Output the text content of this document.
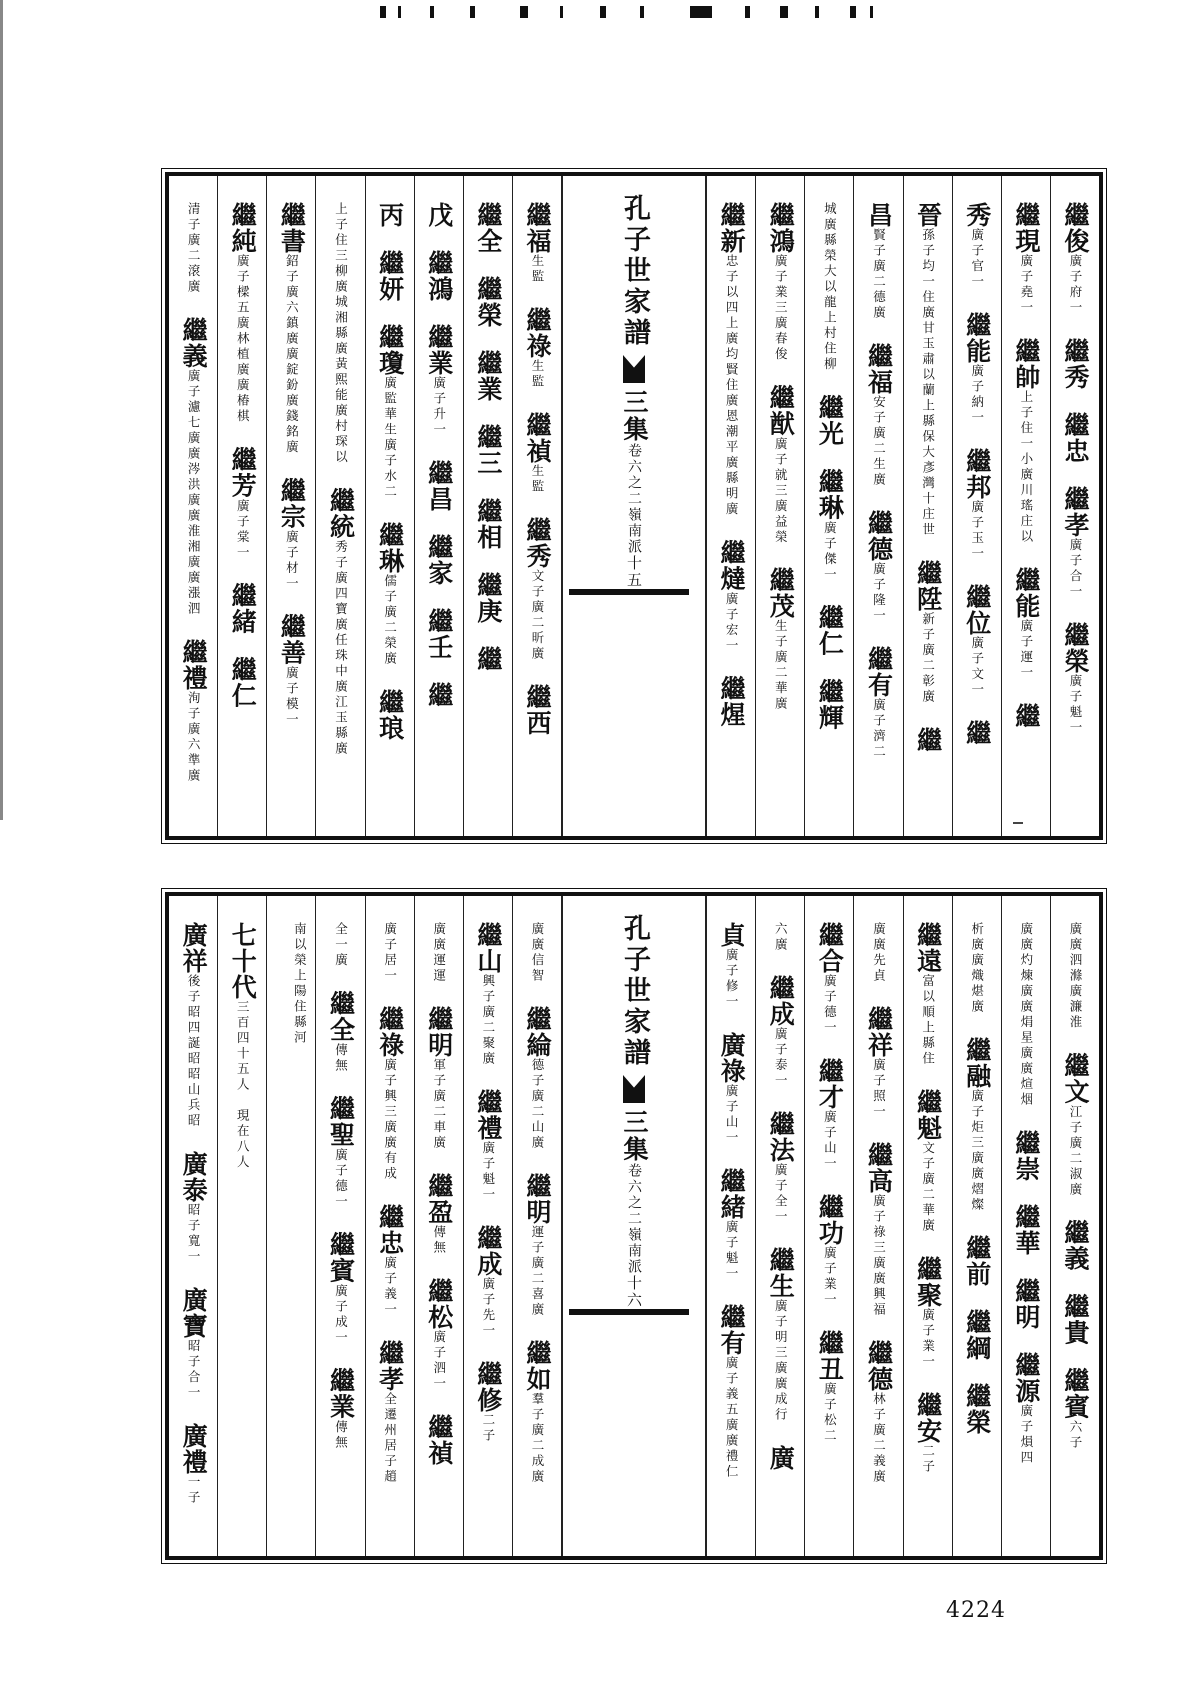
繼俊廣子府一繼秀繼忠繼孝廣子合一繼榮廣子魁一
繼現廣子堯一繼帥上子住一小廣川瑤庄以繼能廣子運一繼
秀廣子官一繼能廣子納一繼邦廣子玉一繼位廣子文一繼
晉孫子均一住廣甘玉肅以蘭上縣保大彥灣十庄世繼陞新子廣二彰廣繼
昌賢子廣二德廣繼福安子廣二生廣繼德廣子隆一繼有廣子濟二
城廣縣榮大以龍上村住柳繼光繼琳廣子傑一繼仁繼輝
繼鴻廣子業三廣春俊繼猷廣子就三廣益榮繼茂生子廣二華廣
繼新忠子以四上廣均賢住廣恩潮平廣縣明廣繼燵廣子宏一繼煋
孔子世家譜三集卷六之二嶺南派十五
繼福生監繼祿生監繼禎生監繼秀文子廣二昕廣繼西
繼全繼榮繼業繼三繼相繼庚繼
戊繼鴻繼業廣子升一繼昌繼家繼壬繼
丙繼妍繼瓊廣監華生廣子水二繼琳儒子廣二榮廣繼琅
上子住三柳廣城湘縣廣黃熙能廣村琛以繼統秀子廣四寶廣任珠中廣江玉縣廣
繼書鉊子廣六鎮廣廣錠鈖廣錢銘廣繼宗廣子材一繼善廣子模一
繼純廣子樑五廣林植廣廣椿棋繼芳廣子棠一繼緒繼仁
清子廣二滾廣繼義廣子濾七廣廣涔洪廣廣淮湘廣廣漲泗繼禮洵子廣六準廣
廣廣泗滌廣濂淮繼文江子廣二淑廣繼義繼貴繼賓六子
廣廣灼煉廣廣焆星廣廣煊烟繼崇繼華繼明繼源廣子熉四
析廣廣熾煁廣繼融廣子炬三廣廣熠燦繼前繼綱繼榮
繼遠富以順上縣住繼魁文子廣二華廣繼聚廣子業一繼安二子
廣廣先貞繼祥廣子照一繼高廣子祿三廣廣興福繼德林子廣二義廣
繼合廣子德一繼才廣子山一繼功廣子業一繼丑廣子松二
六廣繼成廣子泰一繼法廣子全一繼生廣子明三廣廣成行廣
貞廣子修一廣祿廣子山一繼緒廣子魁一繼有廣子義五廣廣禮仁
孔子世家譜三集卷六之二嶺南派十六
廣廣信智繼綸德子廣二山廣繼明運子廣二喜廣繼如羣子廣二成廣
繼山興子廣二聚廣繼禮廣子魁一繼成廣子先一繼修二子
廣廣運運繼明軍子廣二車廣繼盈傳無繼松廣子泗一繼禎
廣子居一繼祿廣子興三廣廣有成繼忠廣子義一繼孝全遷州居子趙
全一廣繼全傳無繼聖廣子德一繼賓廣子成一繼業傳無
南以榮上陽住縣河
七十代三百四十五人　現在八人
廣祥後子昭四誕昭昭山兵昭廣泰昭子寬一廣寶昭子合一廣禮一子
4224
